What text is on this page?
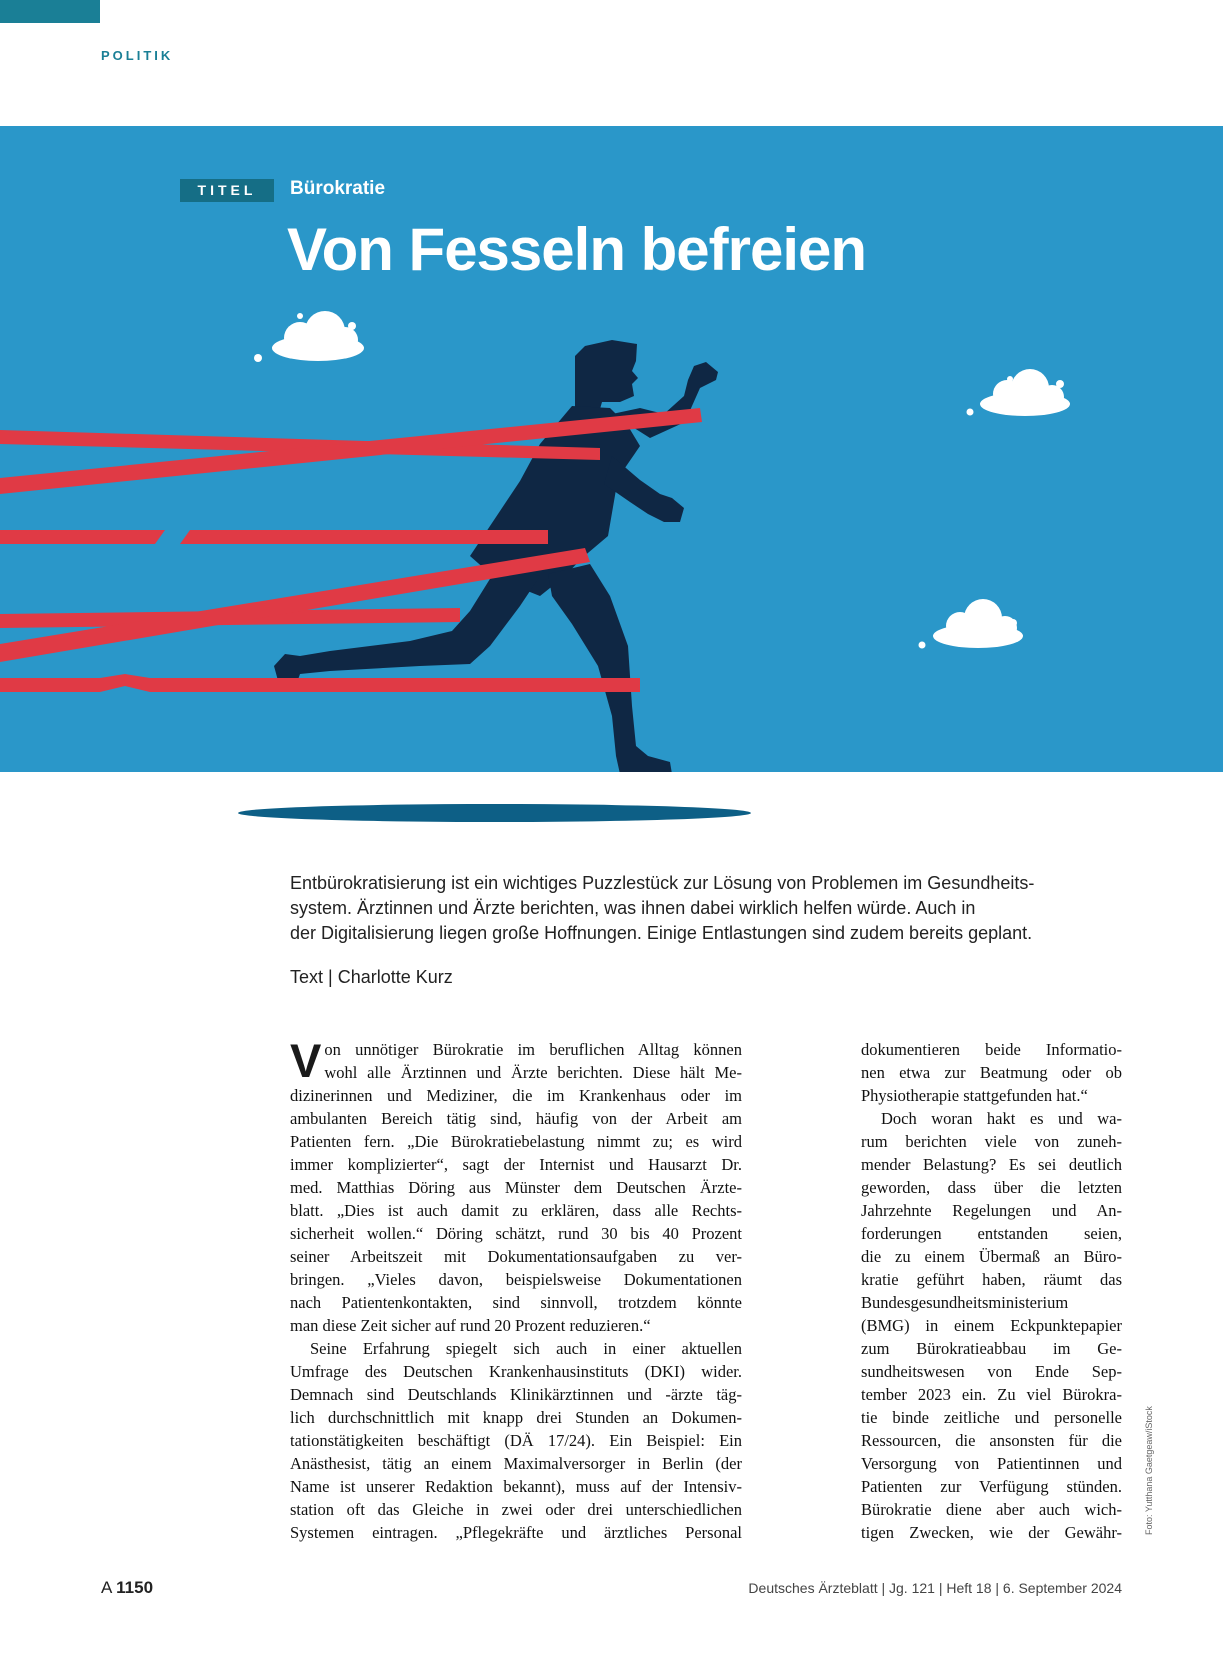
POLITIK
TITEL	Bürokratie
Von Fesseln befreien
Entbürokratisierung ist ein wichtiges Puzzlestück zur Lösung von Problemen im Gesundheits-
system. Ärztinnen und Ärzte berichten, was ihnen dabei wirklich helfen würde. Auch in
der Digitalisierung liegen große Hoffnungen. Einige Entlastungen sind zudem bereits geplant.
Text | Charlotte Kurz
V on unnötiger Bürokratie im beruflichen Alltag können
wohl alle Ärztinnen und Ärzte berichten. Diese hält Me-
dizinerinnen und Mediziner, die im Krankenhaus oder im
ambulanten Bereich tätig sind, häufig von der Arbeit am
Patienten fern. „Die Bürokratiebelastung nimmt zu; es wird
immer komplizierter“, sagt der Internist und Hausarzt Dr.
med. Matthias Döring aus Münster dem Deutschen Ärzte-
blatt. „Dies ist auch damit zu erklären, dass alle Rechts-
sicherheit wollen.“ Döring schätzt, rund 30 bis 40 Prozent
seiner Arbeitszeit mit Dokumentationsaufgaben zu ver-
bringen. „Vieles davon, beispielsweise Dokumentationen
nach Patientenkontakten, sind sinnvoll, trotzdem könnte
man diese Zeit sicher auf rund 20 Prozent reduzieren.“
Seine Erfahrung spiegelt sich auch in einer aktuellen
Umfrage des Deutschen Krankenhausinstituts (DKI) wider.
Demnach sind Deutschlands Klinikärztinnen und -ärzte täg-
lich durchschnittlich mit knapp drei Stunden an Dokumen-
tationstätigkeiten beschäftigt (DÄ 17/24). Ein Beispiel: Ein
Anästhesist, tätig an einem Maximalversorger in Berlin (der
Name ist unserer Redaktion bekannt), muss auf der Intensiv-
station oft das Gleiche in zwei oder drei unterschiedlichen
Systemen eintragen. „Pflegekräfte und ärztliches Personal
dokumentieren beide Informatio-
nen etwa zur Beatmung oder ob
Physiotherapie stattgefunden hat.“
Doch woran hakt es und wa-
rum berichten viele von zuneh-
mender Belastung? Es sei deutlich
geworden, dass über die letzten
Jahrzehnte Regelungen und An-
forderungen entstanden seien,
die zu einem Übermaß an Büro-
kratie geführt haben, räumt das
Bundesgesundheitsministerium
(BMG) in einem Eckpunktepapier
zum Bürokratieabbau im Ge-
sundheitswesen von Ende Sep-
tember 2023 ein. Zu viel Bürokra-
tie binde zeitliche und personelle
Ressourcen, die ansonsten für die
Versorgung von Patientinnen und
Patienten zur Verfügung stünden.
Bürokratie diene aber auch wich-
tigen Zwecken, wie der Gewähr- Foto: Yutthana Gaetgeaw/iStock
A 1150	Deutsches Ärzteblatt | Jg. 121 | Heft 18 | 6. September 2024
